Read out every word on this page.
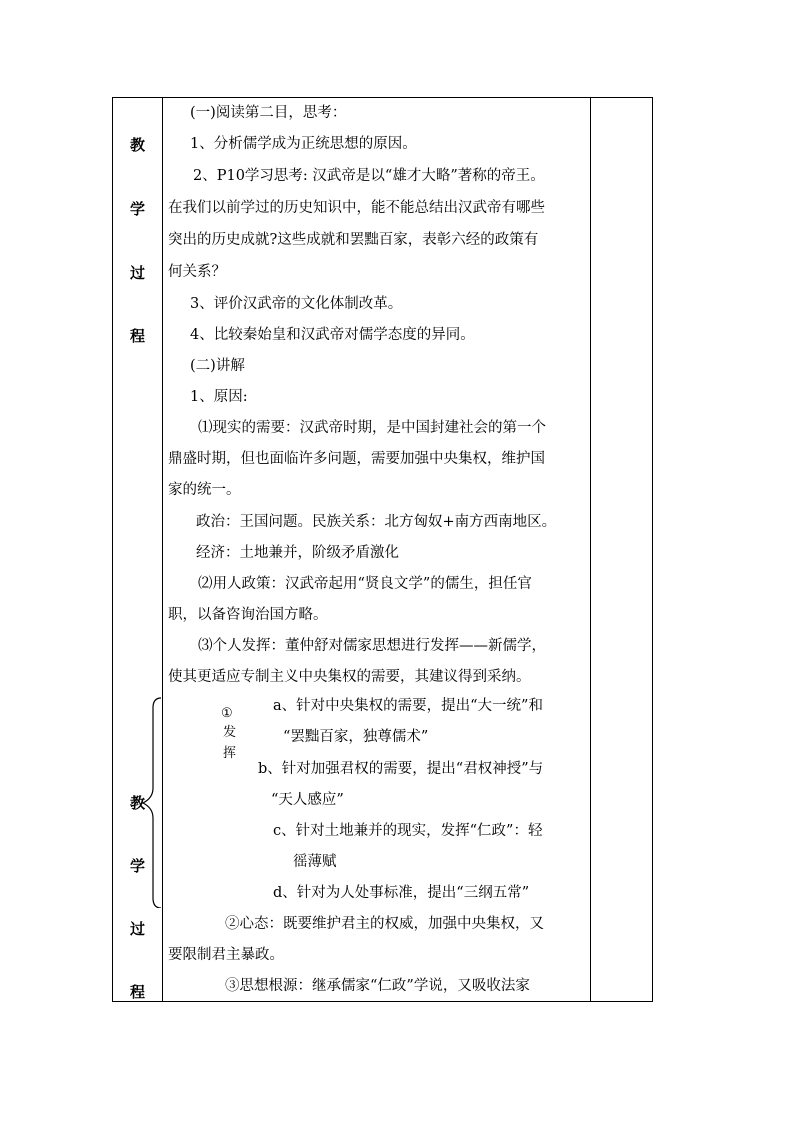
教
学
过
程
教
学
过
程
(一)阅读第二目，思考：
1、分析儒学成为正统思想的原因。
2、P10学习思考: 汉武帝是以“雄才大略”著称的帝王。
在我们以前学过的历史知识中，能不能总结出汉武帝有哪些
突出的历史成就?这些成就和罢黜百家，表彰六经的政策有
何关系？
3、评价汉武帝的文化体制改革。
4、比较秦始皇和汉武帝对儒学态度的异同。
(二)讲解
1、原因:
⑴现实的需要：汉武帝时期，是中国封建社会的第一个
鼎盛时期，但也面临许多问题，需要加强中央集权，维护国
家的统一。
政治：王国问题。民族关系：北方匈奴+南方西南地区。
经济：土地兼并，阶级矛盾激化
⑵用人政策：汉武帝起用“贤良文学”的儒生，担任官
职，以备咨询治国方略。
⑶个人发挥：董仲舒对儒家思想进行发挥——新儒学，
使其更适应专制主义中央集权的需要，其建议得到采纳。
①
发
挥
a、针对中央集权的需要，提出“大一统”和
“罢黜百家，独尊儒术”
b、针对加强君权的需要，提出“君权神授”与
“天人感应”
c、针对土地兼并的现实，发挥“仁政”：轻
徭薄赋
d、针对为人处事标准，提出“三纲五常”
②心态：既要维护君主的权威，加强中央集权，又
要限制君主暴政。
③思想根源：继承儒家“仁政”学说，又吸收法家
